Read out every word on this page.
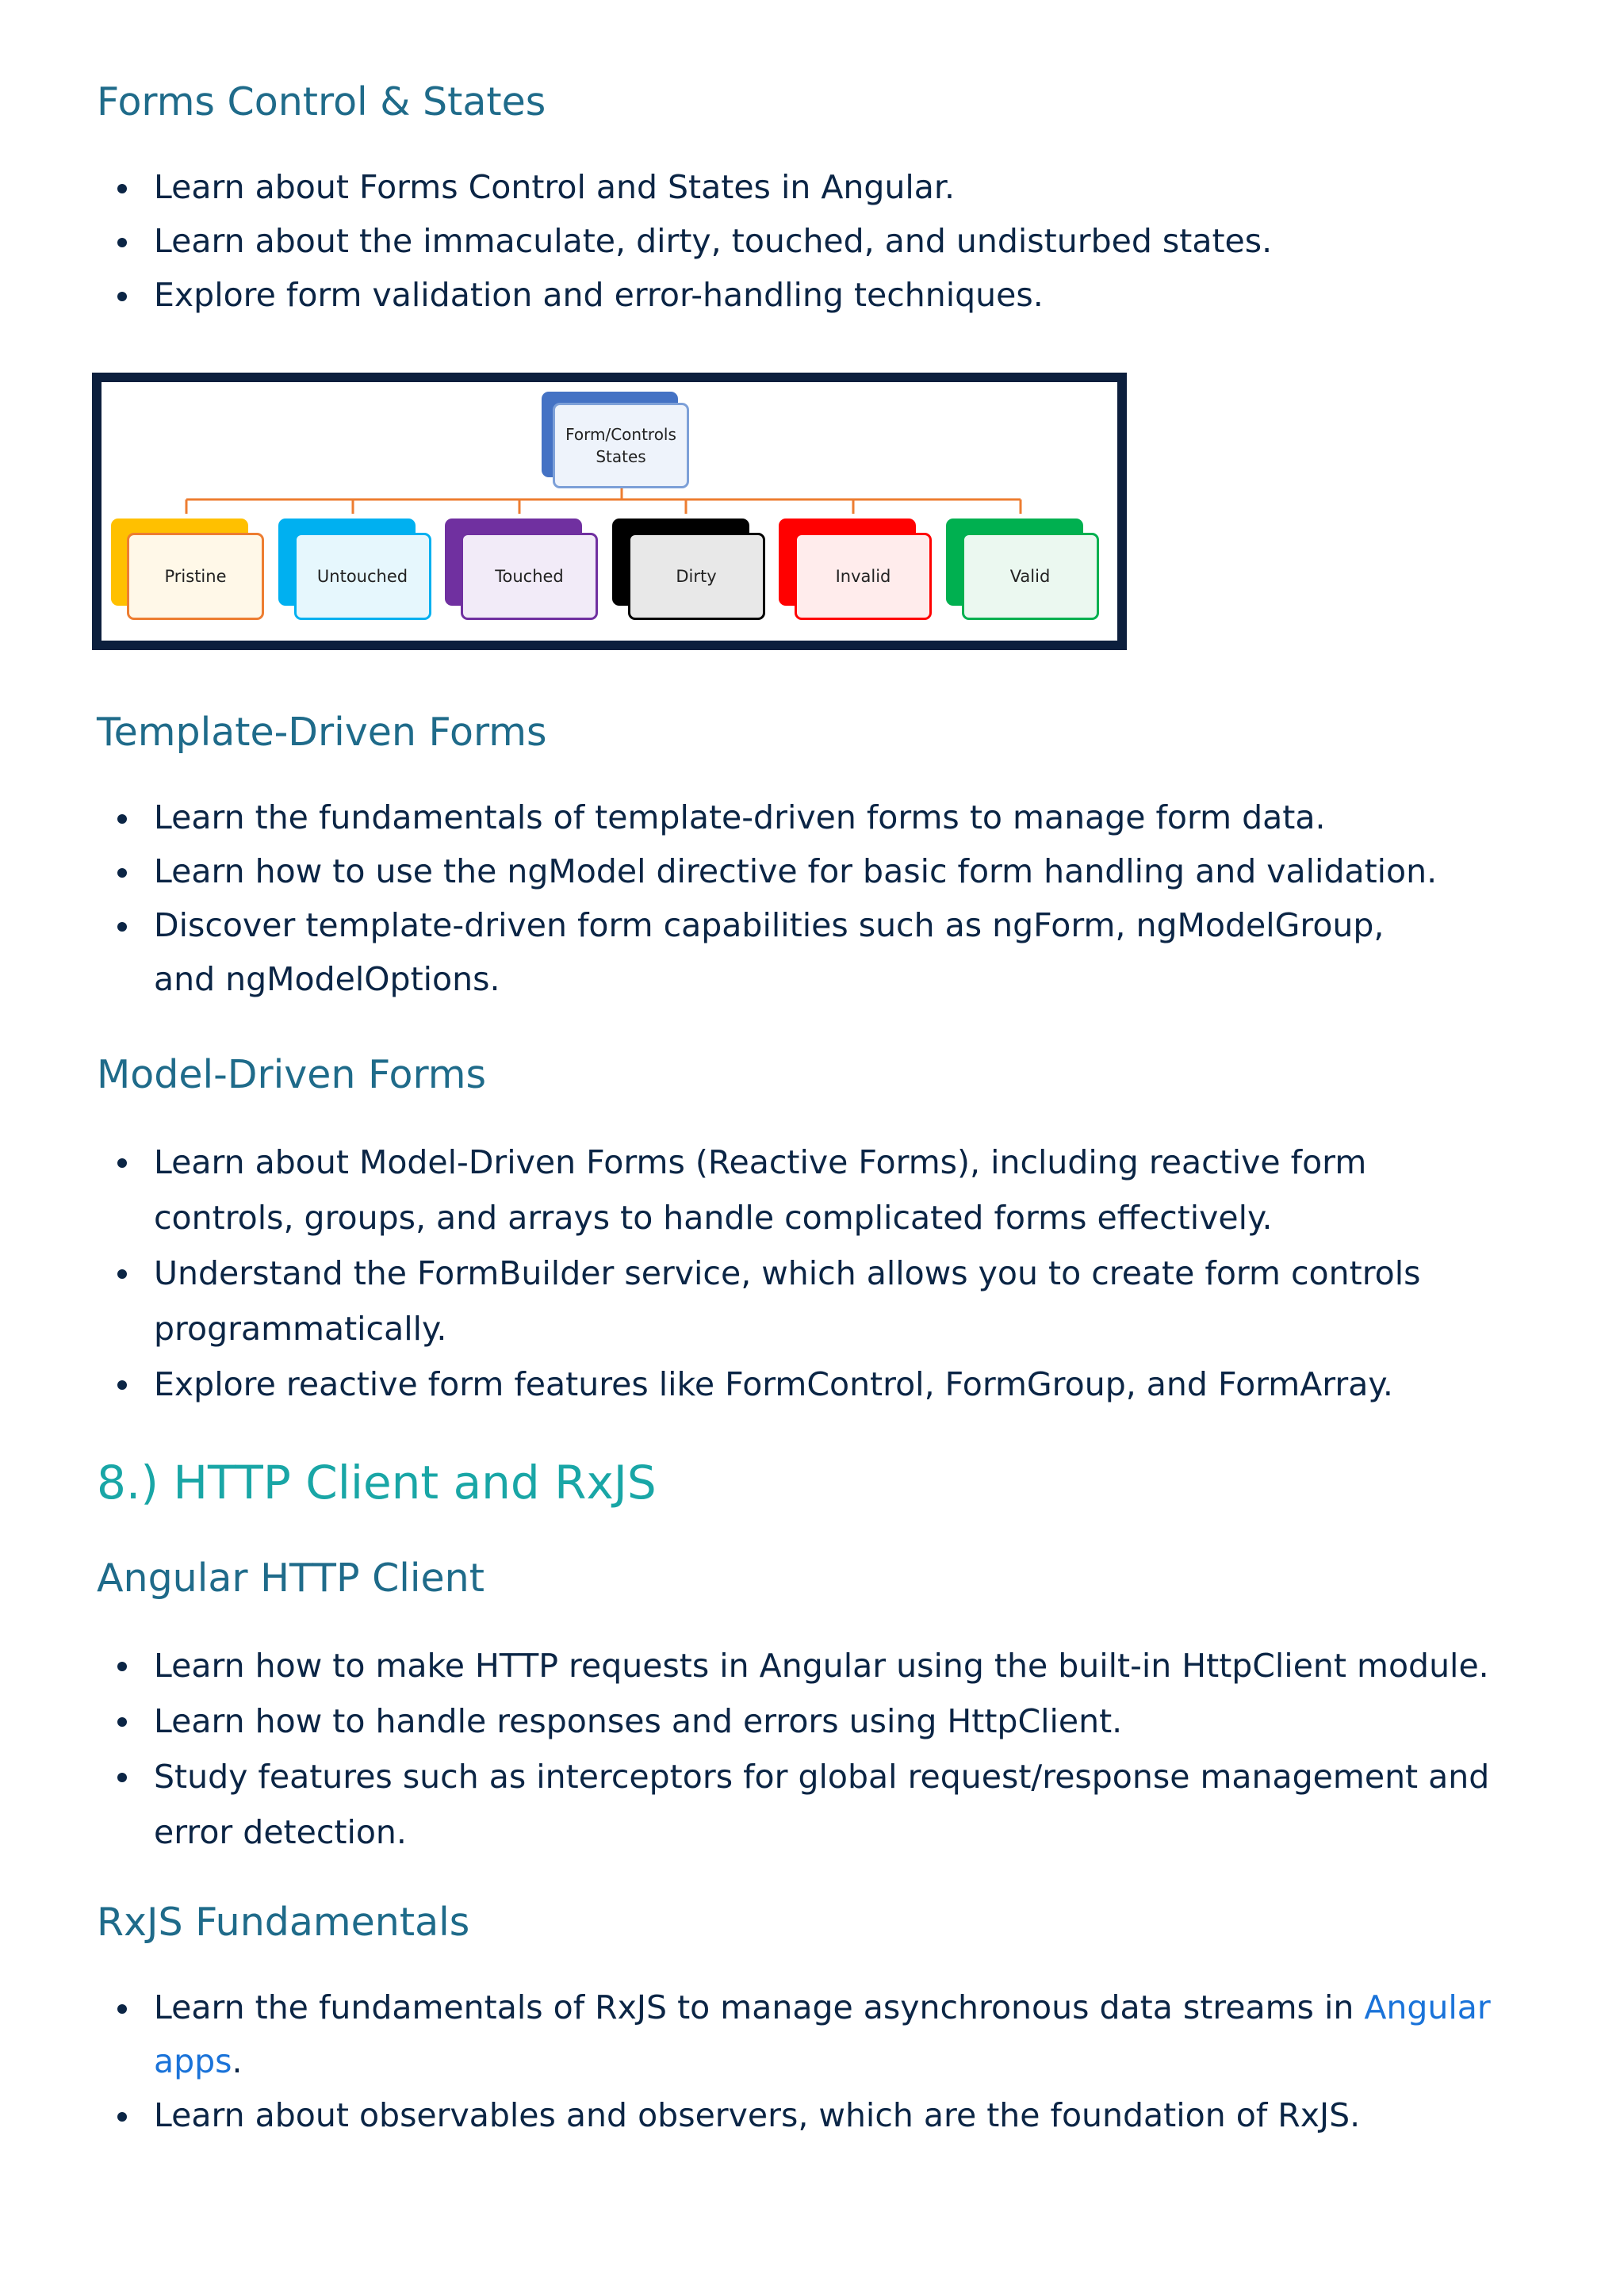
Forms Control & States
Learn about Forms Control and States in Angular.
Learn about the immaculate, dirty, touched, and undisturbed states.
Explore form validation and error-handling techniques.
Form/Controls
States
Pristine	Untouched	Touched	Dirty	Invalid	Valid
Template-Driven Forms
Learn the fundamentals of template-driven forms to manage form data.
Learn how to use the ngModel directive for basic form handling and validation.
Discover template-driven form capabilities such as ngForm, ngModelGroup, and ngModelOptions.
Model-Driven Forms
Learn about Model-Driven Forms (Reactive Forms), including reactive form controls, groups, and arrays to handle complicated forms effectively.
Understand the FormBuilder service, which allows you to create form controls programmatically.
Explore reactive form features like FormControl, FormGroup, and FormArray.
8.) HTTP Client and RxJS
Angular HTTP Client
Learn how to make HTTP requests in Angular using the built-in HttpClient module.
Learn how to handle responses and errors using HttpClient.
Study features such as interceptors for global request/response management and error detection.
RxJS Fundamentals
Learn the fundamentals of RxJS to manage asynchronous data streams in Angular apps.
Learn about observables and observers, which are the foundation of RxJS.
